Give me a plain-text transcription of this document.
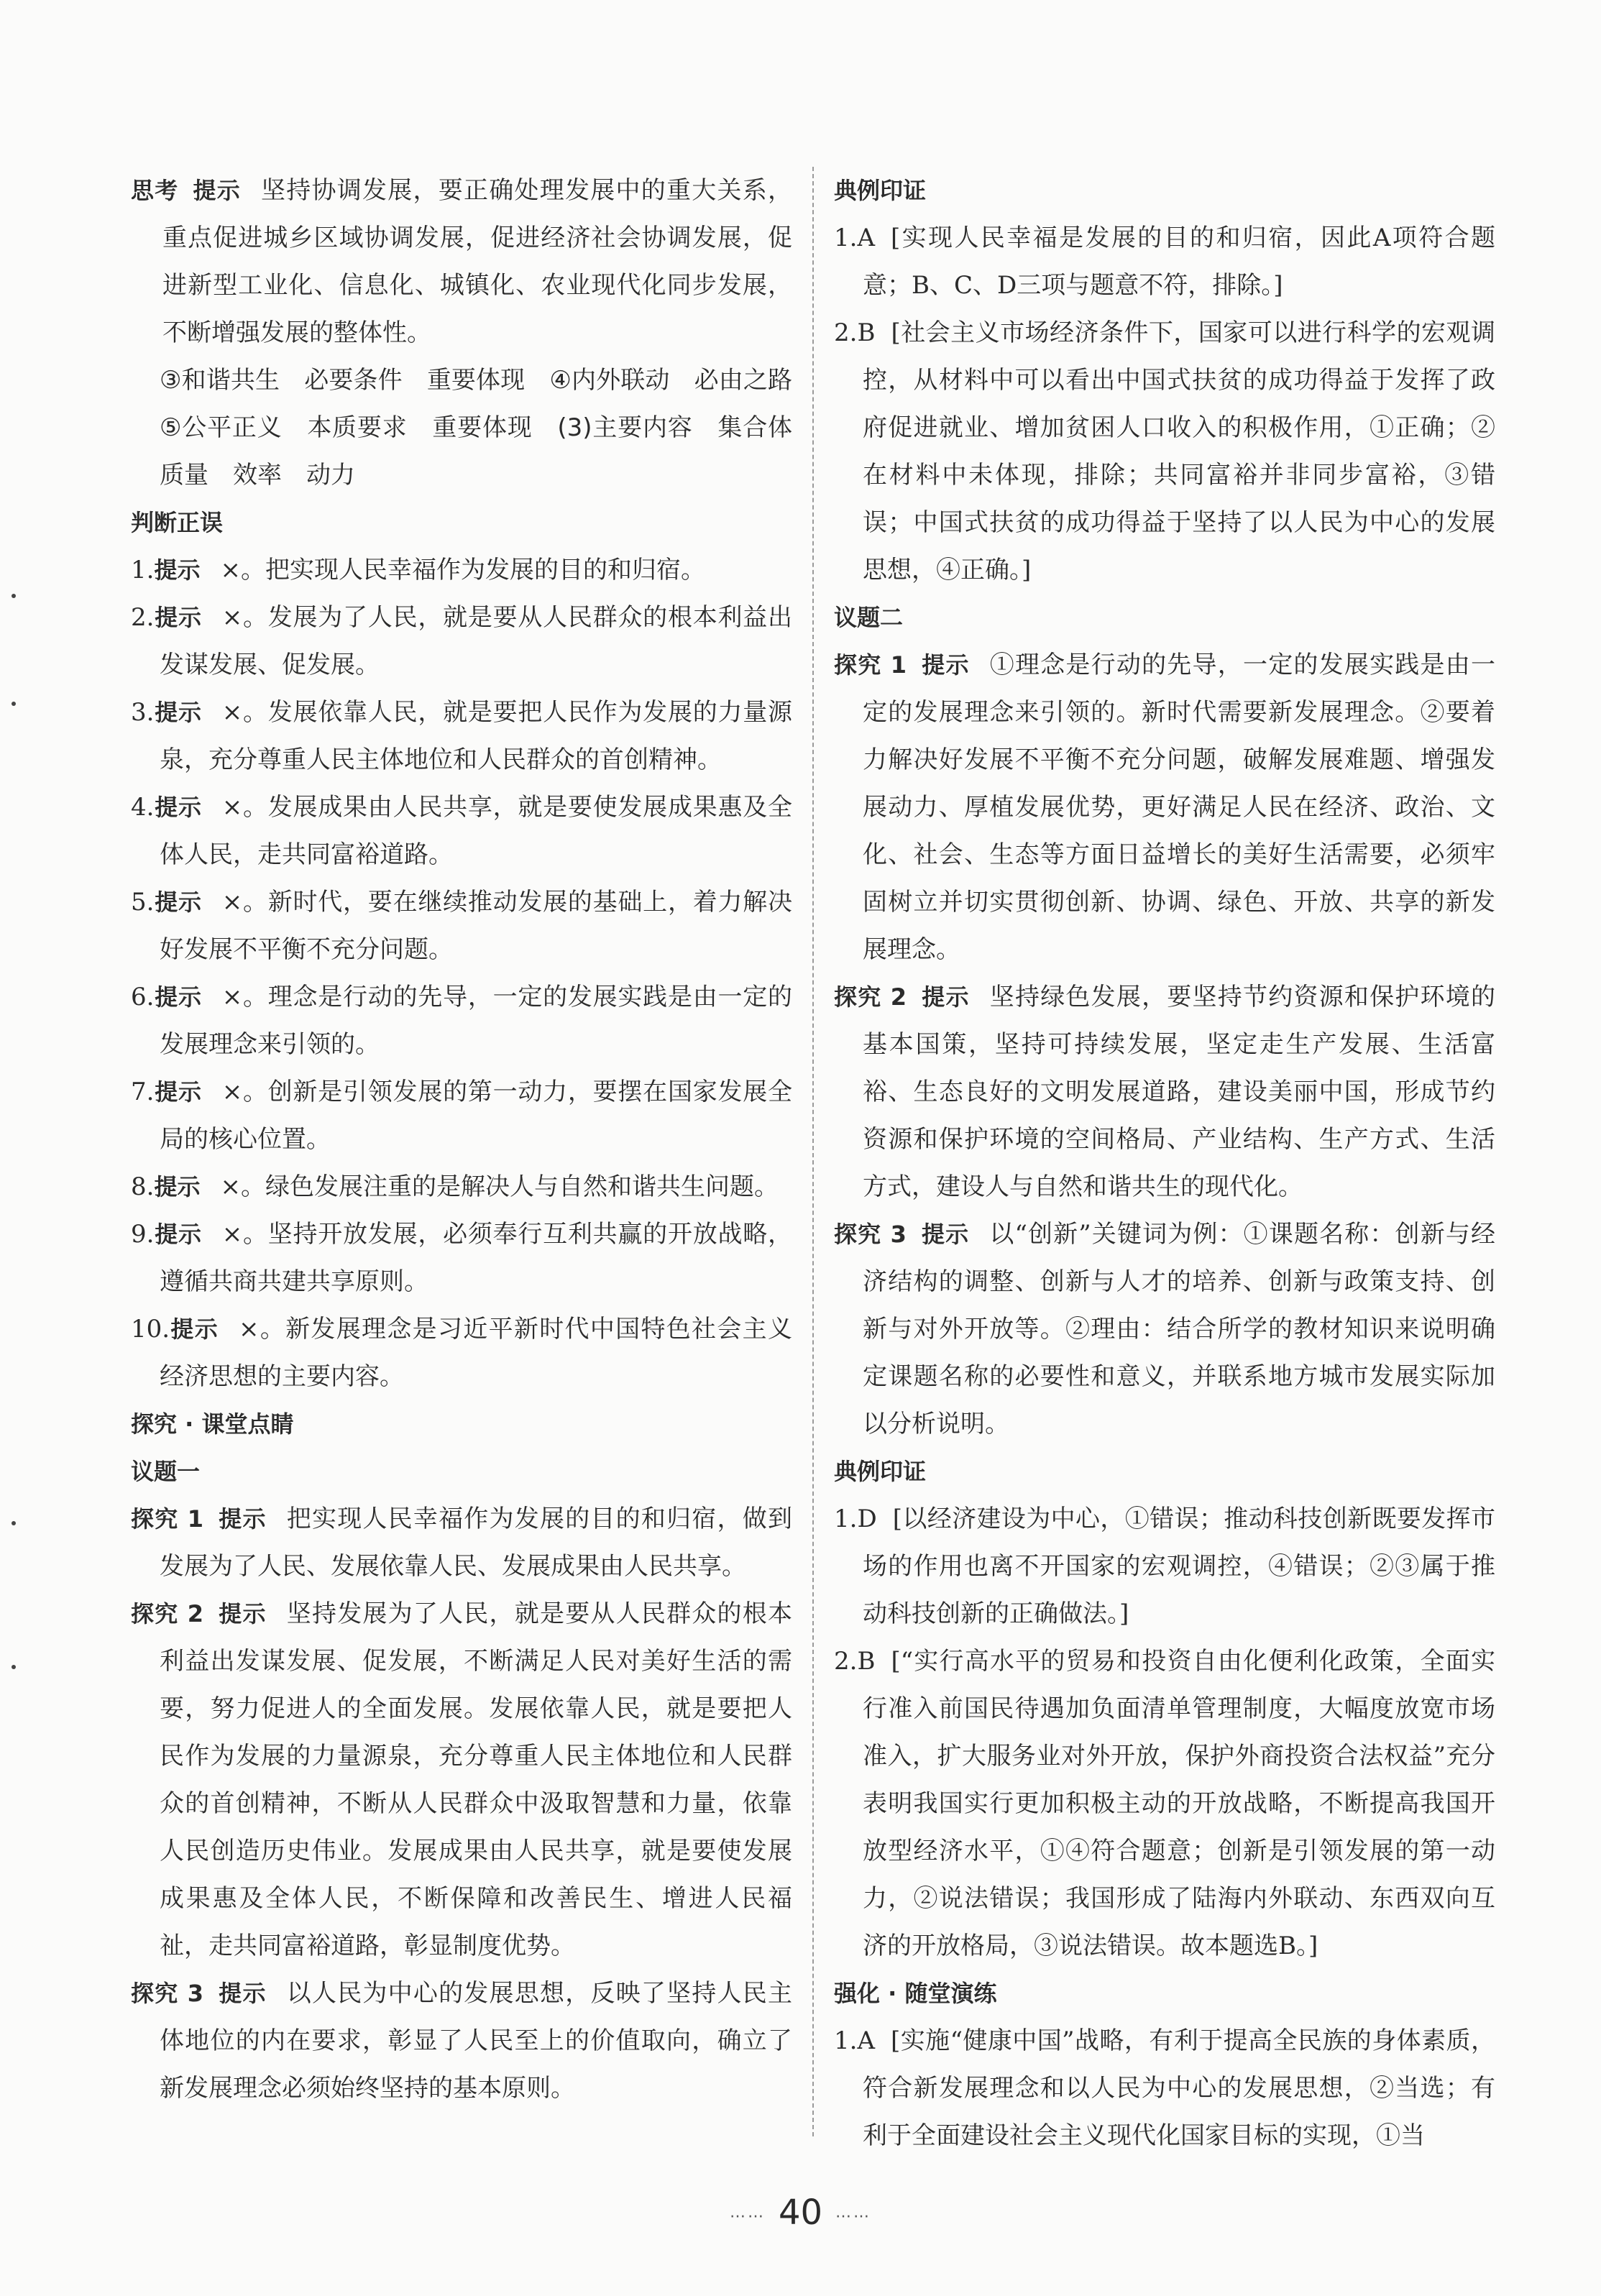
思考 提示 坚持协调发展，要正确处理发展中的重大关系，重点促进城乡区域协调发展，促进经济社会协调发展，促进新型工业化、信息化、城镇化、农业现代化同步发展，不断增强发展的整体性。

③和谐共生　必要条件　重要体现　④内外联动　必由之路　⑤公平正义　本质要求　重要体现　(3)主要内容　集合体　质量　效率　动力

判断正误

1.提示 ×。把实现人民幸福作为发展的目的和归宿。

2.提示 ×。发展为了人民，就是要从人民群众的根本利益出发谋发展、促发展。

3.提示 ×。发展依靠人民，就是要把人民作为发展的力量源泉，充分尊重人民主体地位和人民群众的首创精神。

4.提示 ×。发展成果由人民共享，就是要使发展成果惠及全体人民，走共同富裕道路。

5.提示 ×。新时代，要在继续推动发展的基础上，着力解决好发展不平衡不充分问题。

6.提示 ×。理念是行动的先导，一定的发展实践是由一定的发展理念来引领的。

7.提示 ×。创新是引领发展的第一动力，要摆在国家发展全局的核心位置。

8.提示 ×。绿色发展注重的是解决人与自然和谐共生问题。

9.提示 ×。坚持开放发展，必须奉行互利共赢的开放战略，遵循共商共建共享原则。

10.提示 ×。新发展理念是习近平新时代中国特色社会主义经济思想的主要内容。

探究 · 课堂点睛

议题一

探究 1 提示 把实现人民幸福作为发展的目的和归宿，做到发展为了人民、发展依靠人民、发展成果由人民共享。

探究 2 提示 坚持发展为了人民，就是要从人民群众的根本利益出发谋发展、促发展，不断满足人民对美好生活的需要，努力促进人的全面发展。发展依靠人民，就是要把人民作为发展的力量源泉，充分尊重人民主体地位和人民群众的首创精神，不断从人民群众中汲取智慧和力量，依靠人民创造历史伟业。发展成果由人民共享，就是要使发展成果惠及全体人民，不断保障和改善民生、增进人民福祉，走共同富裕道路，彰显制度优势。

探究 3 提示 以人民为中心的发展思想，反映了坚持人民主体地位的内在要求，彰显了人民至上的价值取向，确立了新发展理念必须始终坚持的基本原则。

典例印证

1.A [实现人民幸福是发展的目的和归宿，因此A项符合题意；B、C、D三项与题意不符，排除。]

2.B [社会主义市场经济条件下，国家可以进行科学的宏观调控，从材料中可以看出中国式扶贫的成功得益于发挥了政府促进就业、增加贫困人口收入的积极作用，①正确；②在材料中未体现，排除；共同富裕并非同步富裕，③错误；中国式扶贫的成功得益于坚持了以人民为中心的发展思想，④正确。]

议题二

探究 1 提示 ①理念是行动的先导，一定的发展实践是由一定的发展理念来引领的。新时代需要新发展理念。②要着力解决好发展不平衡不充分问题，破解发展难题、增强发展动力、厚植发展优势，更好满足人民在经济、政治、文化、社会、生态等方面日益增长的美好生活需要，必须牢固树立并切实贯彻创新、协调、绿色、开放、共享的新发展理念。

探究 2 提示 坚持绿色发展，要坚持节约资源和保护环境的基本国策，坚持可持续发展，坚定走生产发展、生活富裕、生态良好的文明发展道路，建设美丽中国，形成节约资源和保护环境的空间格局、产业结构、生产方式、生活方式，建设人与自然和谐共生的现代化。

探究 3 提示 以“创新”关键词为例：①课题名称：创新与经济结构的调整、创新与人才的培养、创新与政策支持、创新与对外开放等。②理由：结合所学的教材知识来说明确定课题名称的必要性和意义，并联系地方城市发展实际加以分析说明。

典例印证

1.D [以经济建设为中心，①错误；推动科技创新既要发挥市场的作用也离不开国家的宏观调控，④错误；②③属于推动科技创新的正确做法。]

2.B [“实行高水平的贸易和投资自由化便利化政策，全面实行准入前国民待遇加负面清单管理制度，大幅度放宽市场准入，扩大服务业对外开放，保护外商投资合法权益”充分表明我国实行更加积极主动的开放战略，不断提高我国开放型经济水平，①④符合题意；创新是引领发展的第一动力，②说法错误；我国形成了陆海内外联动、东西双向互济的开放格局，③说法错误。故本题选B。]

强化 · 随堂演练

1.A [实施“健康中国”战略，有利于提高全民族的身体素质，符合新发展理念和以人民为中心的发展思想，②当选；有利于全面建设社会主义现代化国家目标的实现，①当

…… 40 ……
